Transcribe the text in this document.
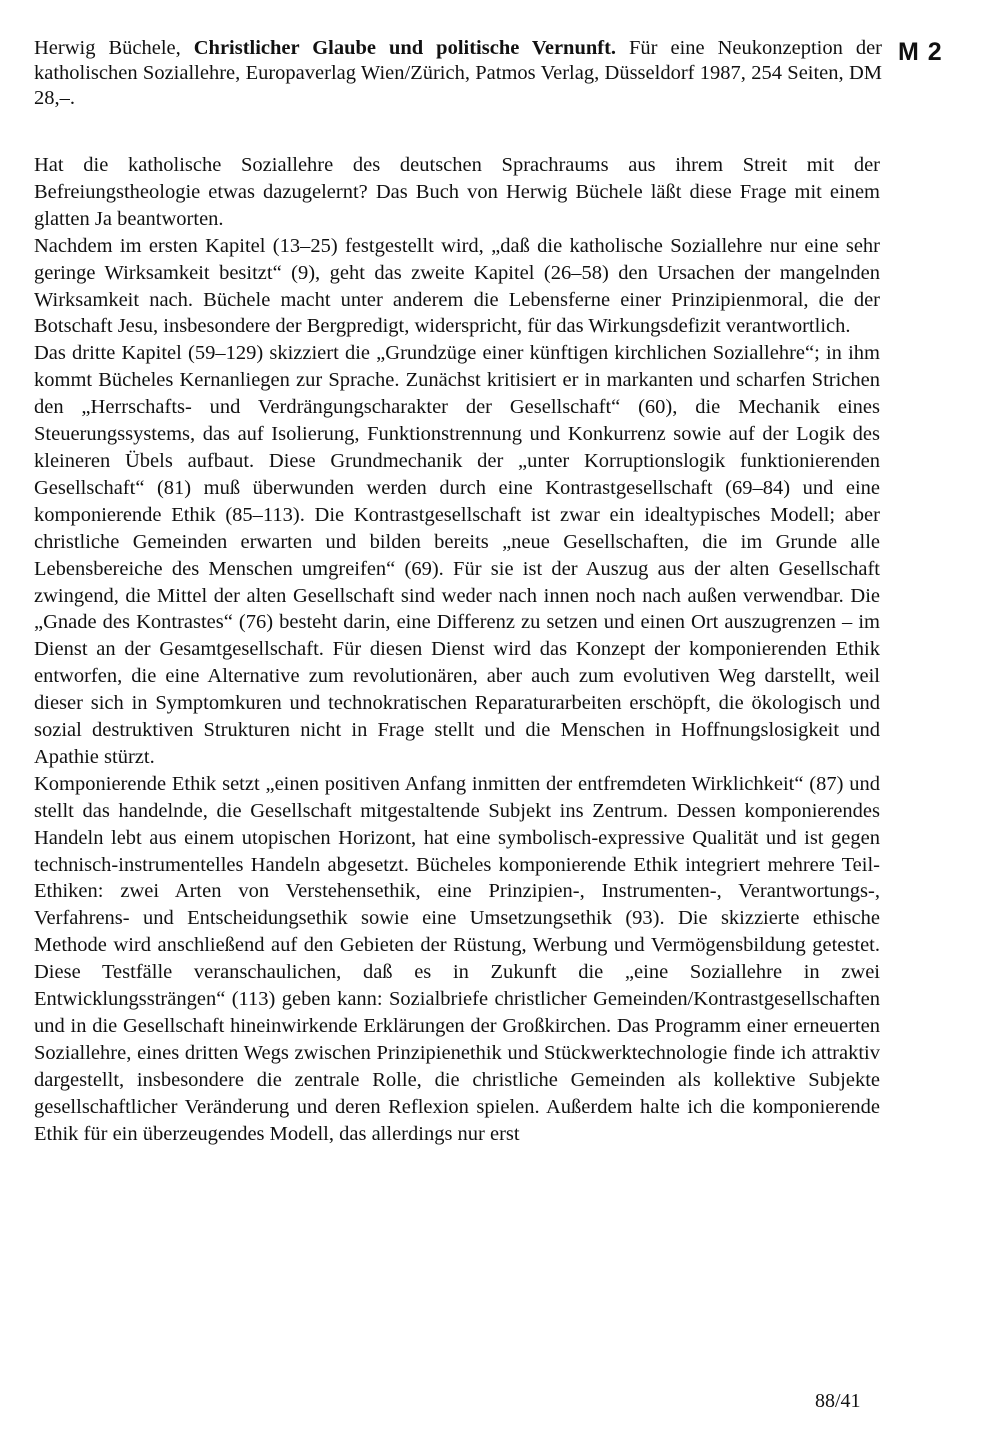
Herwig Büchele, Christlicher Glaube und politische Vernunft. Für eine Neukonzeption der katholischen Soziallehre, Europaverlag Wien/Zürich, Patmos Verlag, Düsseldorf 1987, 254 Seiten, DM 28,–.
M 2

Hat die katholische Soziallehre des deutschen Sprachraums aus ihrem Streit mit der Befreiungstheologie etwas dazugelernt? Das Buch von Herwig Büchele läßt diese Frage mit einem glatten Ja beantworten.

Nachdem im ersten Kapitel (13–25) festgestellt wird, „daß die katholische Soziallehre nur eine sehr geringe Wirksamkeit besitzt“ (9), geht das zweite Kapitel (26–58) den Ursachen der mangelnden Wirksamkeit nach. Büchele macht unter anderem die Lebensferne einer Prinzipienmoral, die der Botschaft Jesu, insbesondere der Bergpredigt, widerspricht, für das Wirkungsdefizit verantwortlich.

Das dritte Kapitel (59–129) skizziert die „Grundzüge einer künftigen kirchlichen Soziallehre“; in ihm kommt Bücheles Kernanliegen zur Sprache. Zunächst kritisiert er in markanten und scharfen Strichen den „Herrschafts- und Verdrängungscharakter der Gesellschaft“ (60), die Mechanik eines Steuerungssystems, das auf Isolierung, Funktionstrennung und Konkurrenz sowie auf der Logik des kleineren Übels aufbaut. Diese Grundmechanik der „unter Korruptionslogik funktionierenden Gesellschaft“ (81) muß überwunden werden durch eine Kontrastgesellschaft (69–84) und eine komponierende Ethik (85–113). Die Kontrastgesellschaft ist zwar ein idealtypisches Modell; aber christliche Gemeinden erwarten und bilden bereits „neue Gesellschaften, die im Grunde alle Lebensbereiche des Menschen umgreifen“ (69). Für sie ist der Auszug aus der alten Gesellschaft zwingend, die Mittel der alten Gesellschaft sind weder nach innen noch nach außen verwendbar. Die „Gnade des Kontrastes“ (76) besteht darin, eine Differenz zu setzen und einen Ort auszugrenzen – im Dienst an der Gesamtgesellschaft. Für diesen Dienst wird das Konzept der komponierenden Ethik entworfen, die eine Alternative zum revolutionären, aber auch zum evolutiven Weg darstellt, weil dieser sich in Symptomkuren und technokratischen Reparaturarbeiten erschöpft, die ökologisch und sozial destruktiven Strukturen nicht in Frage stellt und die Menschen in Hoffnungslosigkeit und Apathie stürzt.

Komponierende Ethik setzt „einen positiven Anfang inmitten der entfremdeten Wirklichkeit“ (87) und stellt das handelnde, die Gesellschaft mitgestaltende Subjekt ins Zentrum. Dessen komponierendes Handeln lebt aus einem utopischen Horizont, hat eine symbolisch-expressive Qualität und ist gegen technisch-instrumentelles Handeln abgesetzt. Bücheles komponierende Ethik integriert mehrere Teil-Ethiken: zwei Arten von Verstehensethik, eine Prinzipien-, Instrumenten-, Verantwortungs-, Verfahrens- und Entscheidungsethik sowie eine Umsetzungsethik (93). Die skizzierte ethische Methode wird anschließend auf den Gebieten der Rüstung, Werbung und Vermögensbildung getestet. Diese Testfälle veranschaulichen, daß es in Zukunft die „eine Soziallehre in zwei Entwicklungssträngen“ (113) geben kann: Sozialbriefe christlicher Gemeinden/Kontrastgesellschaften und in die Gesellschaft hineinwirkende Erklärungen der Großkirchen. Das Programm einer erneuerten Soziallehre, eines dritten Wegs zwischen Prinzipienethik und Stückwerktechnologie finde ich attraktiv dargestellt, insbesondere die zentrale Rolle, die christliche Gemeinden als kollektive Subjekte gesellschaftlicher Veränderung und deren Reflexion spielen. Außerdem halte ich die komponierende Ethik für ein überzeugendes Modell, das allerdings nur erst

88/41
